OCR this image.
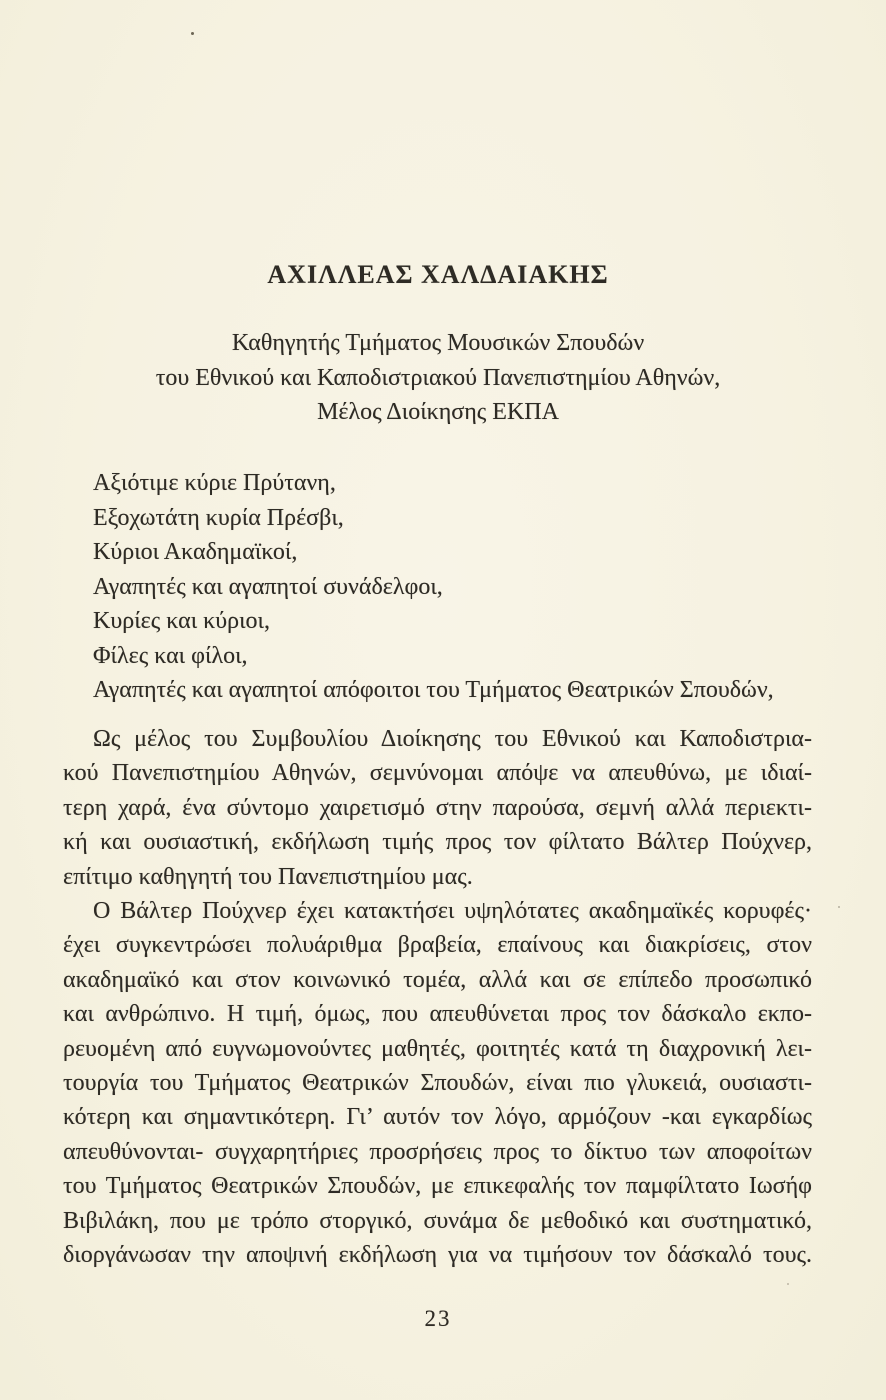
ΑΧΙΛΛΕΑΣ ΧΑΛΔΑΙΑΚΗΣ
Καθηγητής Τμήματος Μουσικών Σπουδών
του Εθνικού και Καποδιστριακού Πανεπιστημίου Αθηνών,
Μέλος Διοίκησης ΕΚΠΑ
Αξιότιμε κύριε Πρύτανη,
Εξοχωτάτη κυρία Πρέσβι,
Κύριοι Ακαδημαϊκοί,
Αγαπητές και αγαπητοί συνάδελφοι,
Κυρίες και κύριοι,
Φίλες και φίλοι,
Αγαπητές και αγαπητοί απόφοιτοι του Τμήματος Θεατρικών Σπουδών,
Ως μέλος του Συμβουλίου Διοίκησης του Εθνικού και Καποδιστρια-
κού Πανεπιστημίου Αθηνών, σεμνύνομαι απόψε να απευθύνω, με ιδιαί-
τερη χαρά, ένα σύντομο χαιρετισμό στην παρούσα, σεμνή αλλά περιεκτι-
κή και ουσιαστική, εκδήλωση τιμής προς τον φίλτατο Βάλτερ Πούχνερ,
επίτιμο καθηγητή του Πανεπιστημίου μας.
Ο Βάλτερ Πούχνερ έχει κατακτήσει υψηλότατες ακαδημαϊκές κορυφές·
έχει συγκεντρώσει πολυάριθμα βραβεία, επαίνους και διακρίσεις, στον
ακαδημαϊκό και στον κοινωνικό τομέα, αλλά και σε επίπεδο προσωπικό
και ανθρώπινο. Η τιμή, όμως, που απευθύνεται προς τον δάσκαλο εκπο-
ρευομένη από ευγνωμονούντες μαθητές, φοιτητές κατά τη διαχρονική λει-
τουργία του Τμήματος Θεατρικών Σπουδών, είναι πιο γλυκειά, ουσιαστι-
κότερη και σημαντικότερη. Γι’ αυτόν τον λόγο, αρμόζουν -και εγκαρδίως
απευθύνονται- συγχαρητήριες προσρήσεις προς το δίκτυο των αποφοίτων
του Τμήματος Θεατρικών Σπουδών, με επικεφαλής τον παμφίλτατο Ιωσήφ
Βιβιλάκη, που με τρόπο στοργικό, συνάμα δε μεθοδικό και συστηματικό,
διοργάνωσαν την αποψινή εκδήλωση για να τιμήσουν τον δάσκαλό τους.
23
